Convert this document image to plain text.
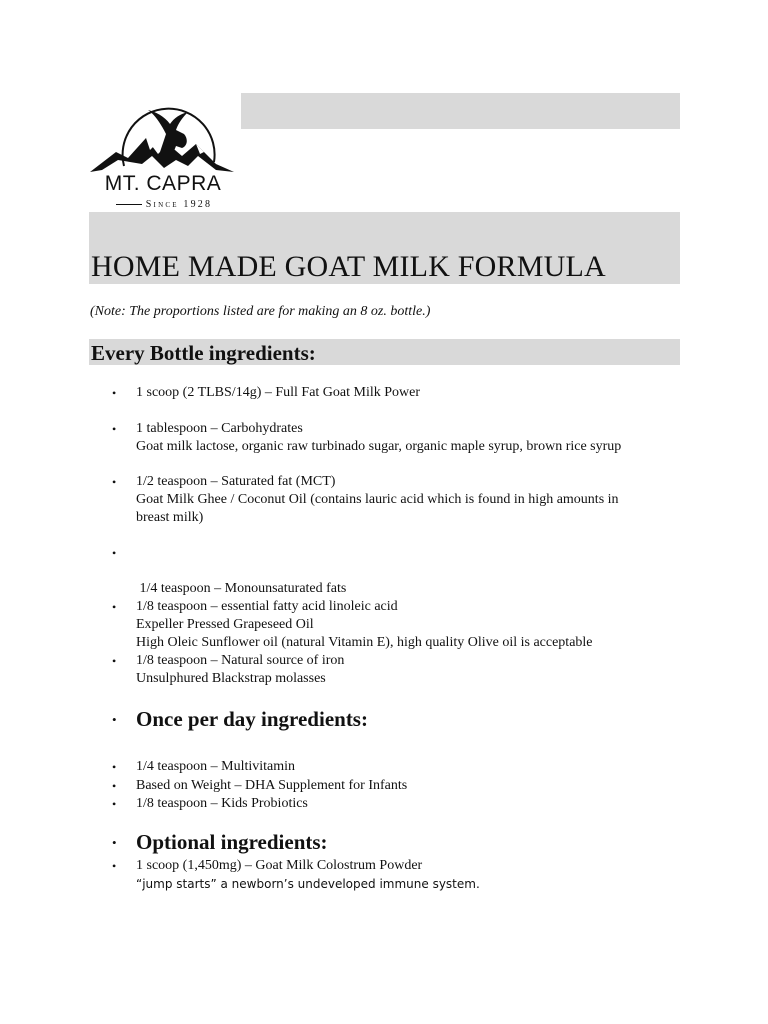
MT. CAPRA
Since 1928
HOME MADE GOAT MILK FORMULA
(Note: The proportions listed are for making an 8 oz. bottle.)
Every Bottle ingredients:
• 1 scoop (2 TLBS/14g) – Full Fat Goat Milk Power
• 1 tablespoon – Carbohydrates
Goat milk lactose, organic raw turbinado sugar, organic maple syrup, brown rice syrup
• 1/2 teaspoon – Saturated fat (MCT)
Goat Milk Ghee / Coconut Oil (contains lauric acid which is found in high amounts in
breast milk)
•

1/4 teaspoon – Monounsaturated fats

High Oleic Sunflower oil (natural Vitamin E), high quality Olive oil is acceptable

• 1/8 teaspoon – essential fatty acid linoleic acid
Expeller Pressed Grapeseed Oil
• 1/8 teaspoon – Natural source of iron
Unsulphured Blackstrap molasses
• Once per day ingredients:
• 1/4 teaspoon – Multivitamin
• Based on Weight – DHA Supplement for Infants
• 1/8 teaspoon – Kids Probiotics
• Optional ingredients:
• 1 scoop (1,450mg) – Goat Milk Colostrum Powder
“jump starts” a newborn’s undeveloped immune system.
